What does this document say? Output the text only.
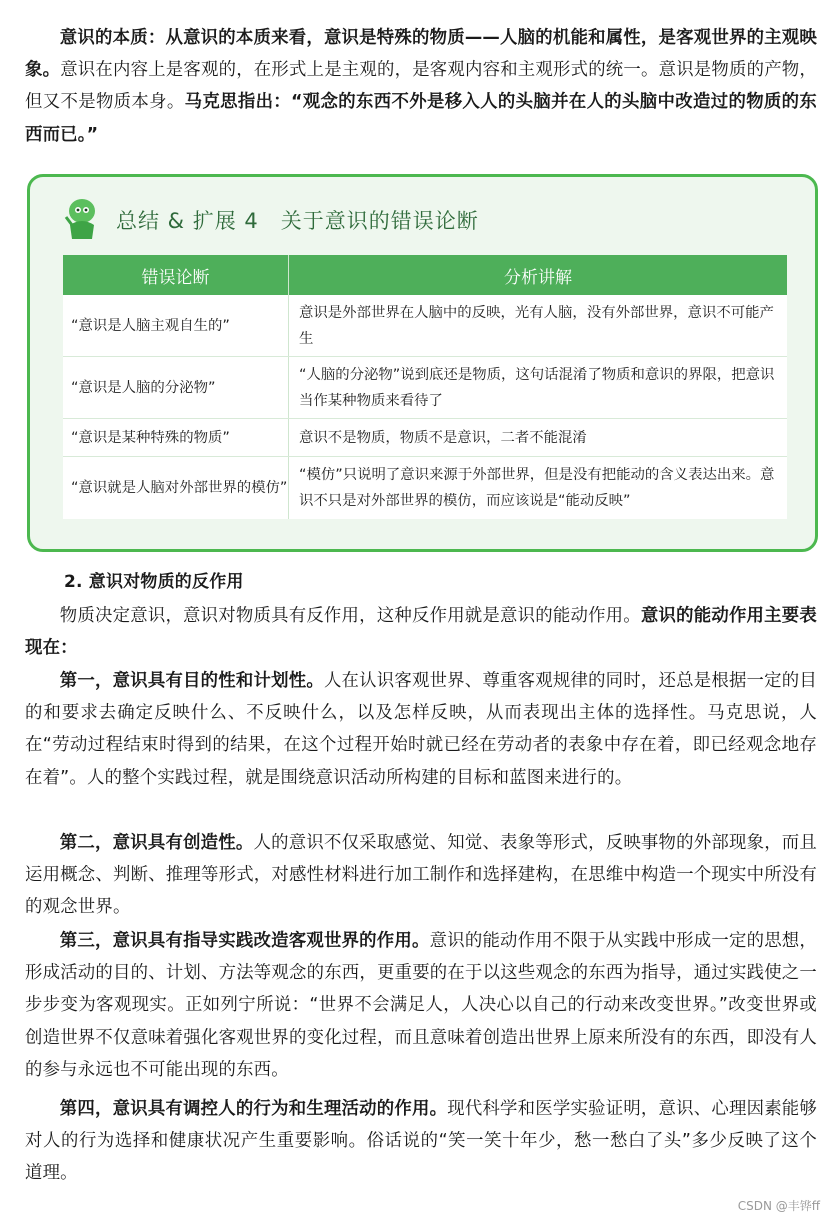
意识的本质：从意识的本质来看，意识是特殊的物质——人脑的机能和属性，是客观世界的主观映象。意识在内容上是客观的，在形式上是主观的，是客观内容和主观形式的统一。意识是物质的产物，但又不是物质本身。马克思指出：“观念的东西不外是移入人的头脑并在人的头脑中改造过的物质的东西而已。”
总结 & 扩展 4　关于意识的错误论断
错误论断	分析讲解
“意识是人脑主观自生的”
意识是外部世界在人脑中的反映，光有人脑，没有外部世界，意识不可能产生
“意识是人脑的分泌物”
“人脑的分泌物”说到底还是物质，这句话混淆了物质和意识的界限，把意识当作某种物质来看待了
“意识是某种特殊的物质”	意识不是物质，物质不是意识，二者不能混淆
“意识就是人脑对外部世界的模仿”
“模仿”只说明了意识来源于外部世界，但是没有把能动的含义表达出来。意识不只是对外部世界的模仿，而应该说是“能动反映”
2. 意识对物质的反作用
物质决定意识，意识对物质具有反作用，这种反作用就是意识的能动作用。意识的能动作用主要表现在：
第一，意识具有目的性和计划性。人在认识客观世界、尊重客观规律的同时，还总是根据一定的目的和要求去确定反映什么、不反映什么，以及怎样反映，从而表现出主体的选择性。马克思说，人在“劳动过程结束时得到的结果，在这个过程开始时就已经在劳动者的表象中存在着，即已经观念地存在着”。人的整个实践过程，就是围绕意识活动所构建的目标和蓝图来进行的。
第二，意识具有创造性。人的意识不仅采取感觉、知觉、表象等形式，反映事物的外部现象，而且运用概念、判断、推理等形式，对感性材料进行加工制作和选择建构，在思维中构造一个现实中所没有的观念世界。
第三，意识具有指导实践改造客观世界的作用。意识的能动作用不限于从实践中形成一定的思想，形成活动的目的、计划、方法等观念的东西，更重要的在于以这些观念的东西为指导，通过实践使之一步步变为客观现实。正如列宁所说：“世界不会满足人，人决心以自己的行动来改变世界。”改变世界或创造世界不仅意味着强化客观世界的变化过程，而且意味着创造出世界上原来所没有的东西，即没有人的参与永远也不可能出现的东西。
第四，意识具有调控人的行为和生理活动的作用。现代科学和医学实验证明，意识、心理因素能够对人的行为选择和健康状况产生重要影响。俗话说的“笑一笑十年少，愁一愁白了头”多少反映了这个道理。
CSDN @丰铧ff
